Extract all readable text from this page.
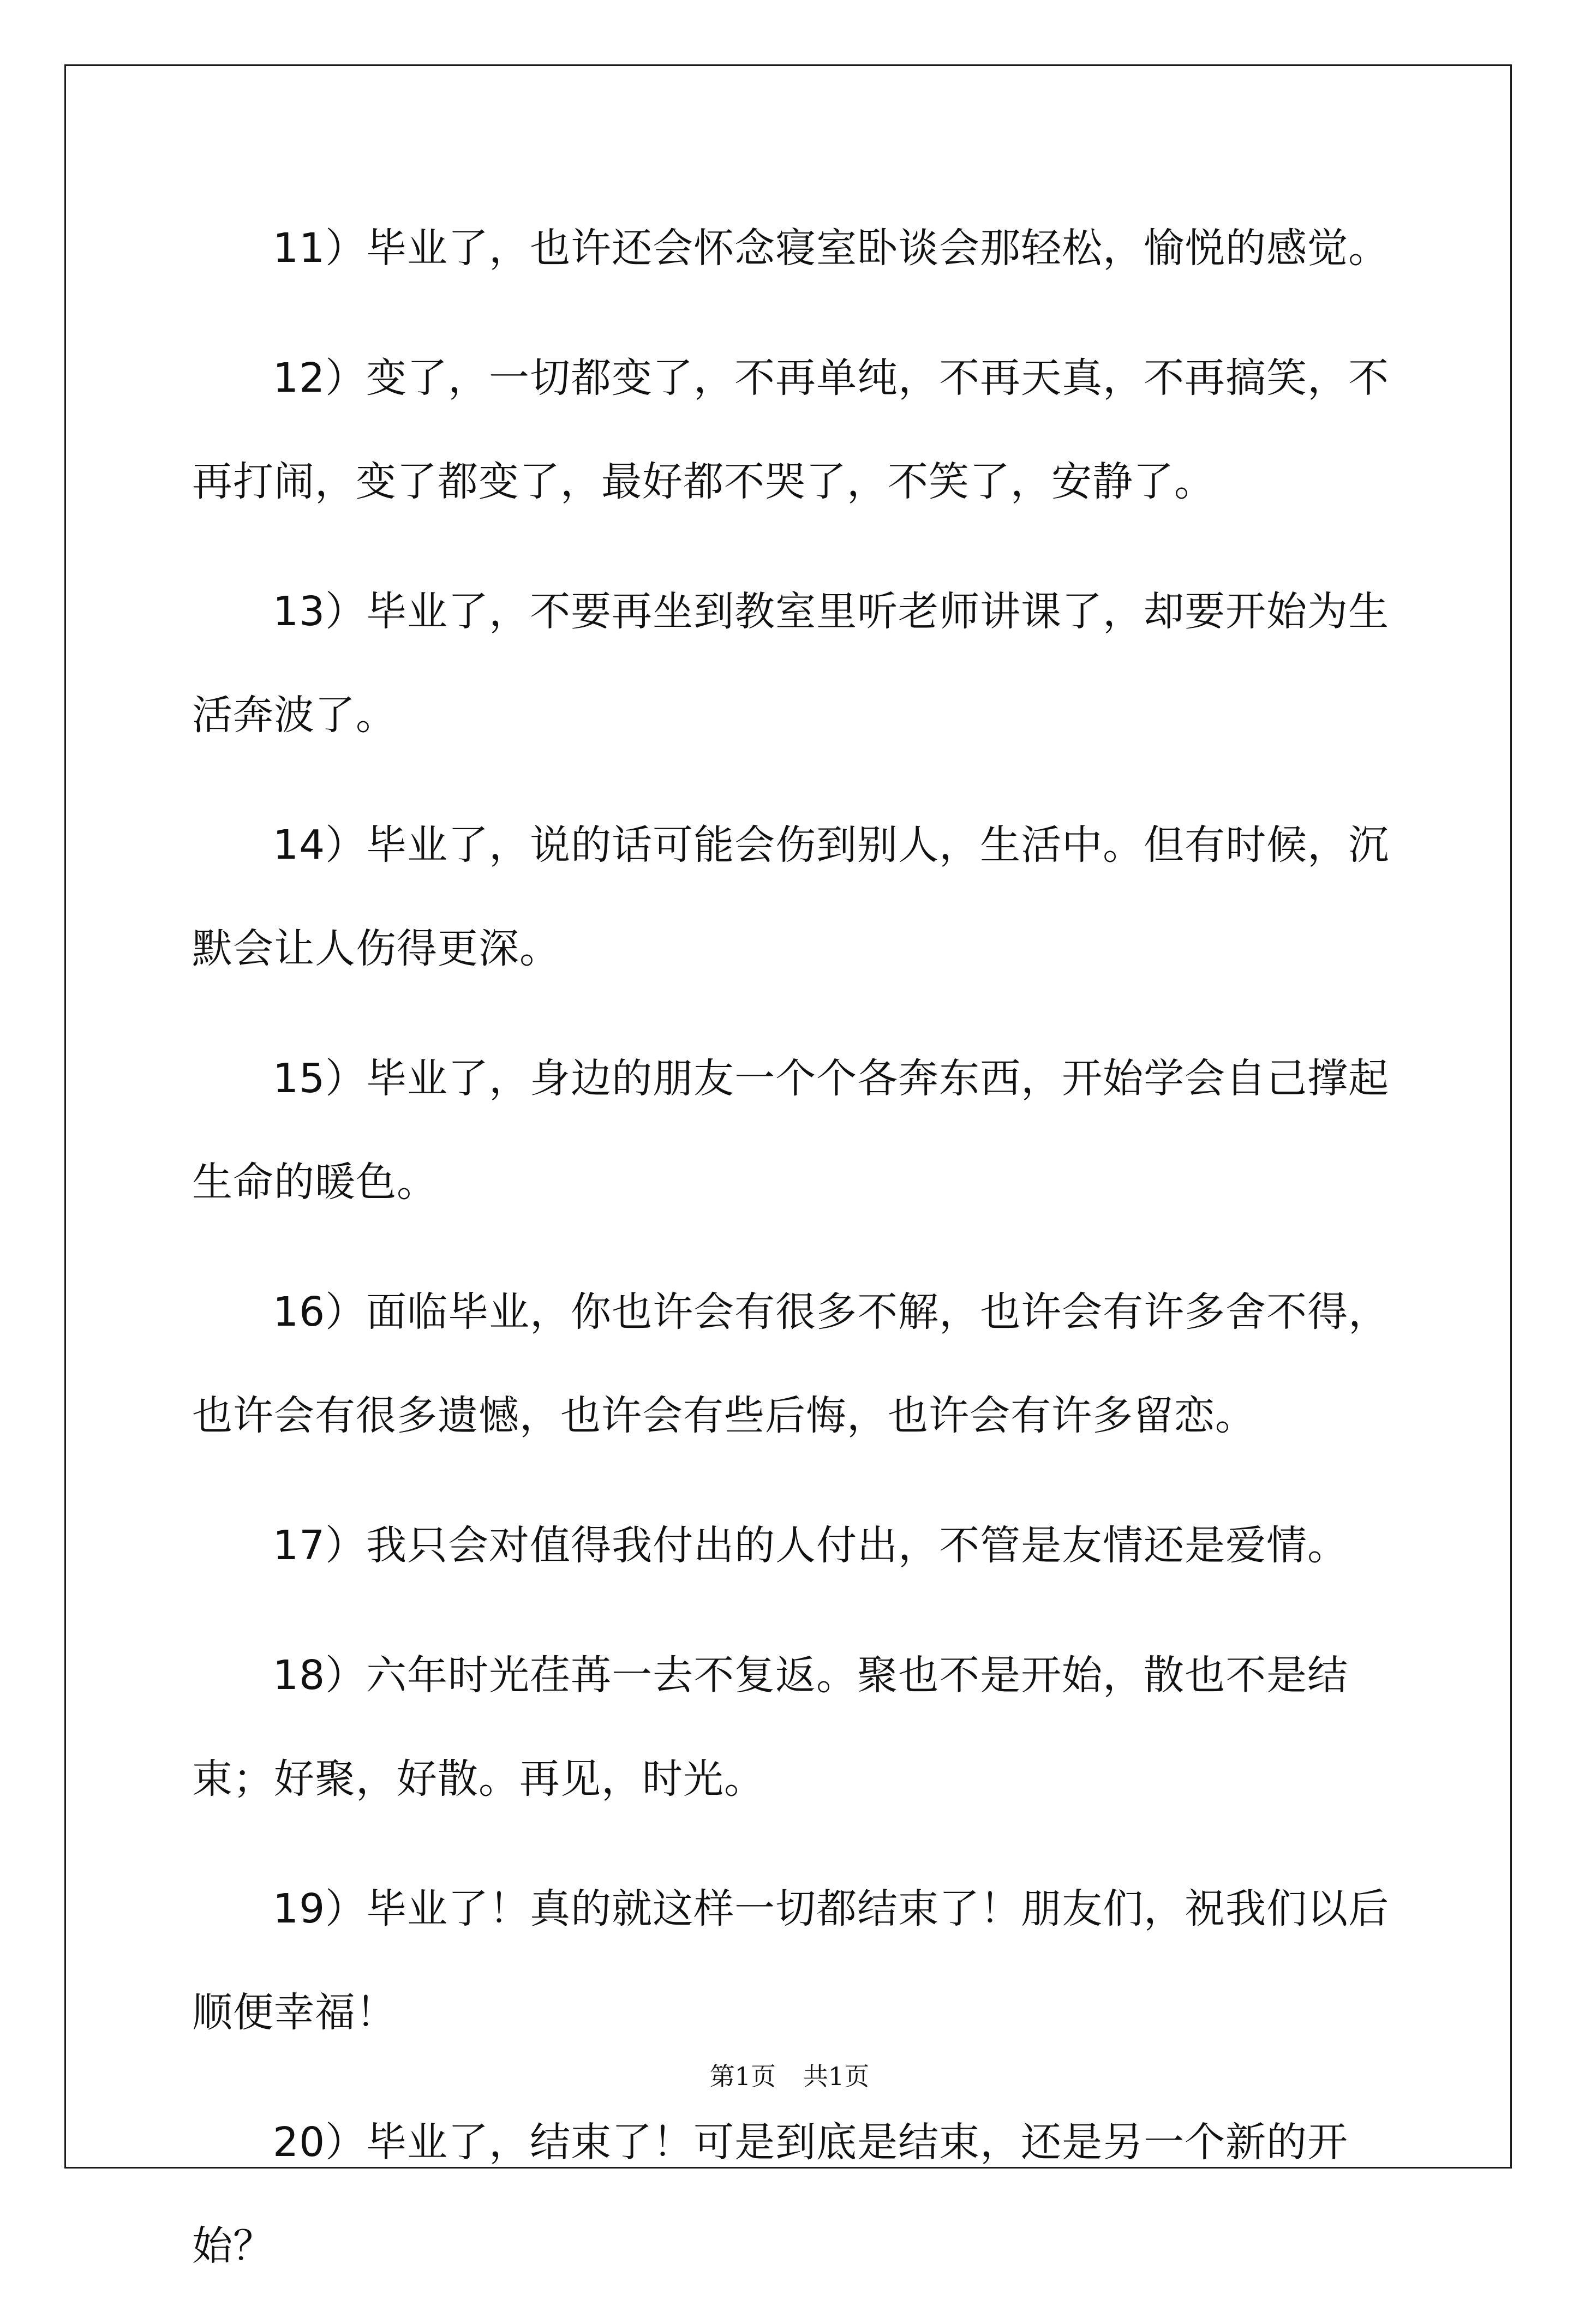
11）毕业了，也许还会怀念寝室卧谈会那轻松，愉悦的感觉。

12）变了，一切都变了，不再单纯，不再天真，不再搞笑，不再打闹，变了都变了，最好都不哭了，不笑了，安静了。

13）毕业了，不要再坐到教室里听老师讲课了，却要开始为生活奔波了。

14）毕业了，说的话可能会伤到别人，生活中。但有时候，沉默会让人伤得更深。

15）毕业了，身边的朋友一个个各奔东西，开始学会自己撑起生命的暖色。

16）面临毕业，你也许会有很多不解，也许会有许多舍不得，也许会有很多遗憾，也许会有些后悔，也许会有许多留恋。

17）我只会对值得我付出的人付出，不管是友情还是爱情。

18）六年时光荏苒一去不复返。聚也不是开始，散也不是结束；好聚，好散。再见，时光。

19）毕业了！真的就这样一切都结束了！朋友们，祝我们以后顺便幸福！

20）毕业了，结束了！可是到底是结束，还是另一个新的开始？

第1页 共1页
